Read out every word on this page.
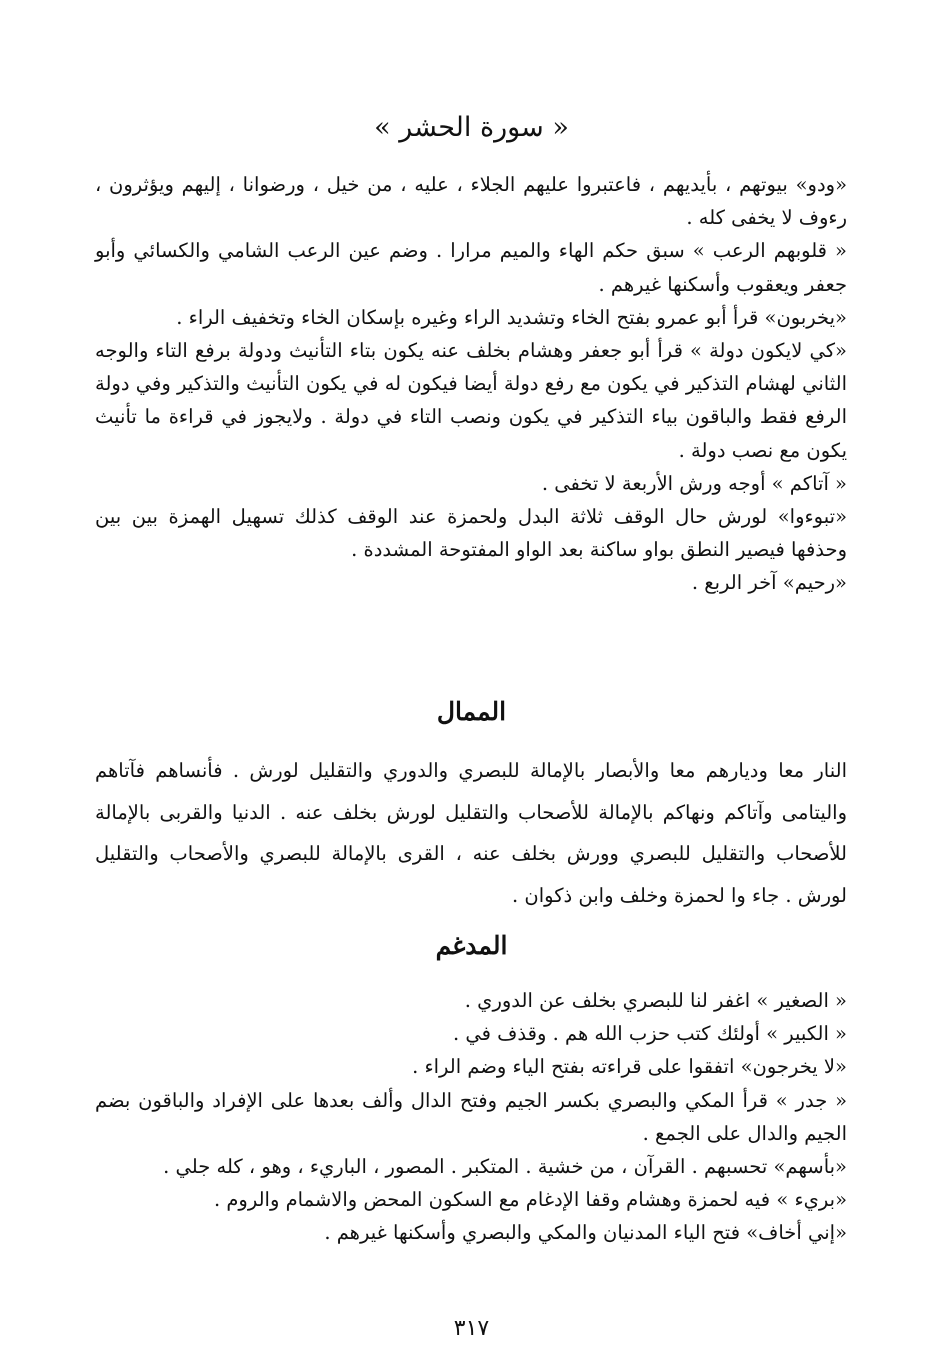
« سورة الحشر »

«ودو» بيوتهم ، بأيديهم ، فاعتبروا عليهم الجلاء ، عليه ، من خيل ، ورضوانا ، إليهم ويؤثرون ، رءوف لا يخفى كله .

« قلوبهم الرعب » سبق حكم الهاء والميم مرارا . وضم عين الرعب الشامي والكسائي وأبو جعفر ويعقوب وأسكنها غيرهم .

«يخربون» قرأ أبو عمرو بفتح الخاء وتشديد الراء وغيره بإسكان الخاء وتخفيف الراء .

«كي لايكون دولة » قرأ أبو جعفر وهشام بخلف عنه يكون بتاء التأنيث ودولة برفع التاء والوجه الثاني لهشام التذكير في يكون مع رفع دولة أيضا فيكون له في يكون التأنيث والتذكير وفي دولة الرفع فقط والباقون بياء التذكير في يكون ونصب التاء في دولة . ولايجوز في قراءة ما تأنيث يكون مع نصب دولة .

« آتاكم » أوجه ورش الأربعة لا تخفى .

«تبوءوا» لورش حال الوقف ثلاثة البدل ولحمزة عند الوقف كذلك تسهيل الهمزة بين بين وحذفها فيصير النطق بواو ساكنة بعد الواو المفتوحة المشددة .

«رحيم» آخر الربع .

الممال

النار معا وديارهم معا والأبصار بالإمالة للبصري والدوري والتقليل لورش . فأنساهم فآتاهم واليتامى وآتاكم ونهاكم بالإمالة للأصحاب والتقليل لورش بخلف عنه . الدنيا والقربى بالإمالة للأصحاب والتقليل للبصري وورش بخلف عنه ، القرى بالإمالة للبصري والأصحاب والتقليل لورش . جاء وا لحمزة وخلف وابن ذكوان .

المدغم

« الصغير » اغفر لنا للبصري بخلف عن الدوري .

« الكبير » أولئك كتب حزب الله هم . وقذف في .

«لا يخرجون» اتفقوا على قراءته بفتح الياء وضم الراء .

« جدر » قرأ المكي والبصري بكسر الجيم وفتح الدال وألف بعدها على الإفراد والباقون بضم الجيم والدال على الجمع .

«بأسهم» تحسبهم . القرآن ، من خشية . المتكبر . المصور ، الباريء ، وهو ، كله جلي .

«بريء » فيه لحمزة وهشام وقفا الإدغام مع السكون المحض والاشمام والروم .

«إني أخاف» فتح الياء المدنيان والمكي والبصري وأسكنها غيرهم .

٣١٧
